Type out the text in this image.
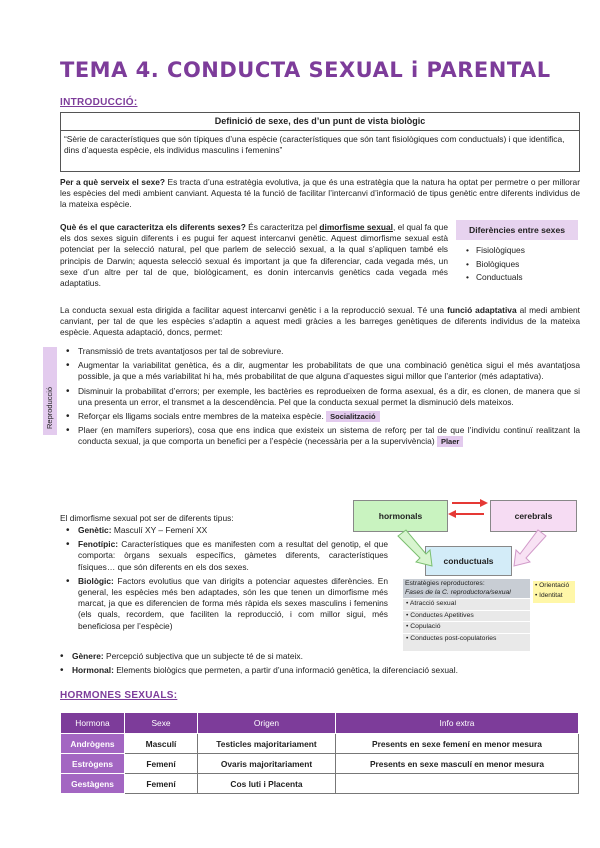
TEMA 4. CONDUCTA SEXUAL i PARENTAL
INTRODUCCIÓ:
Definició de sexe, des d’un punt de vista biològic
“Sèrie de característiques que són típiques d’una espècie (característiques que són tant fisiològiques com conductuals) i que identifica, dins d’aquesta espècie, els individus masculins i femenins”

Per a què serveix el sexe? Es tracta d’una estratègia evolutiva, ja que és una estratègia que la natura ha optat per permetre o per millorar les espècies del medi ambient canviant. Aquesta té la funció de facilitar l’intercanvi d’informació de tipus genètic entre diferents individus de la mateixa espècie.

Què és el que caracteritza els diferents sexes? És caracteritza pel dimorfisme sexual, el qual fa que els dos sexes siguin diferents i es pugui fer aquest intercanvi genètic. Aquest dimorfisme sexual està potenciat per la selecció natural, pel que parlem de selecció sexual, a la qual s’apliquen també els principis de Darwin; aquesta selecció sexual és important ja que fa diferenciar, cada vegada més, un sexe d’un altre per tal de que, biològicament, es donin intercanvis genètics cada vegada més adaptatius.

Diferències entre sexes
• Fisiològiques
• Biològiques
• Conductuals

La conducta sexual esta dirigida a facilitar aquest intercanvi genètic i a la reproducció sexual. Té una funció adaptativa al medi ambient canviant, per tal de que les espècies s’adaptin a aquest medi gràcies a les barreges genètiques de diferents individus de la mateixa espècie. Aquesta adaptació, doncs, permet:

Reproducció
• Transmissió de trets avantatjosos per tal de sobreviure.
• Augmentar la variabilitat genètica, és a dir, augmentar les probabilitats de que una combinació genètica sigui el més avantatjosa possible, ja que a més variabilitat hi ha, més probabilitat de que alguna d’aquestes sigui millor que l’anterior (més adaptativa).
• Disminuir la probabilitat d’errors; per exemple, les bactèries es reprodueixen de forma asexual, és a dir, es clonen, de manera que si una presenta un error, el transmet a la descendència. Pel que la conducta sexual permet la disminució dels mateixos.
• Reforçar els lligams socials entre membres de la mateixa espècie. Socialització
• Plaer (en mamífers superiors), cosa que ens indica que existeix un sistema de reforç per tal de que l’individu continuï realitzant la conducta sexual, ja que comporta un benefici per a l’espècie (necessària per a la supervivència) Plaer

El dimorfisme sexual pot ser de diferents tipus:

• Genètic: Masculí XY – Femení XX
• Fenotípic: Característiques que es manifesten com a resultat del genotip, el que comporta: òrgans sexuals específics, gàmetes diferents, característiques físiques… que són diferents en els dos sexes.
• Biològic: Factors evolutius que van dirigits a potenciar aquestes diferències. En general, les espècies més ben adaptades, són les que tenen un dimorfisme més marcat, ja que es diferencien de forma més ràpida els sexes masculins i femenins (els quals, recordem, que faciliten la reproducció, i com millor sigui, més beneficiosa per l’espècie)
• Gènere: Percepció subjectiva que un subjecte té de si mateix.
• Hormonal: Elements biològics que permeten, a partir d’una informació genètica, la diferenciació sexual.
hormonals	cerebrals
conductuals
Estratègies reproductores:
Fases de la C. reproductora/sexual
• Atracció sexual
• Conductes Apetitives
• Copulació
• Conductes post-copulatories
• Orientació
• Identitat
HORMONES SEXUALS:
Hormona	Sexe	Origen	Info extra
Andrògens	Masculí	Testicles majoritariament	Presents en sexe femení en menor mesura
Estrògens	Femení	Ovaris majoritariament	Presents en sexe masculí en menor mesura
Gestàgens	Femení	Cos luti i Placenta	
